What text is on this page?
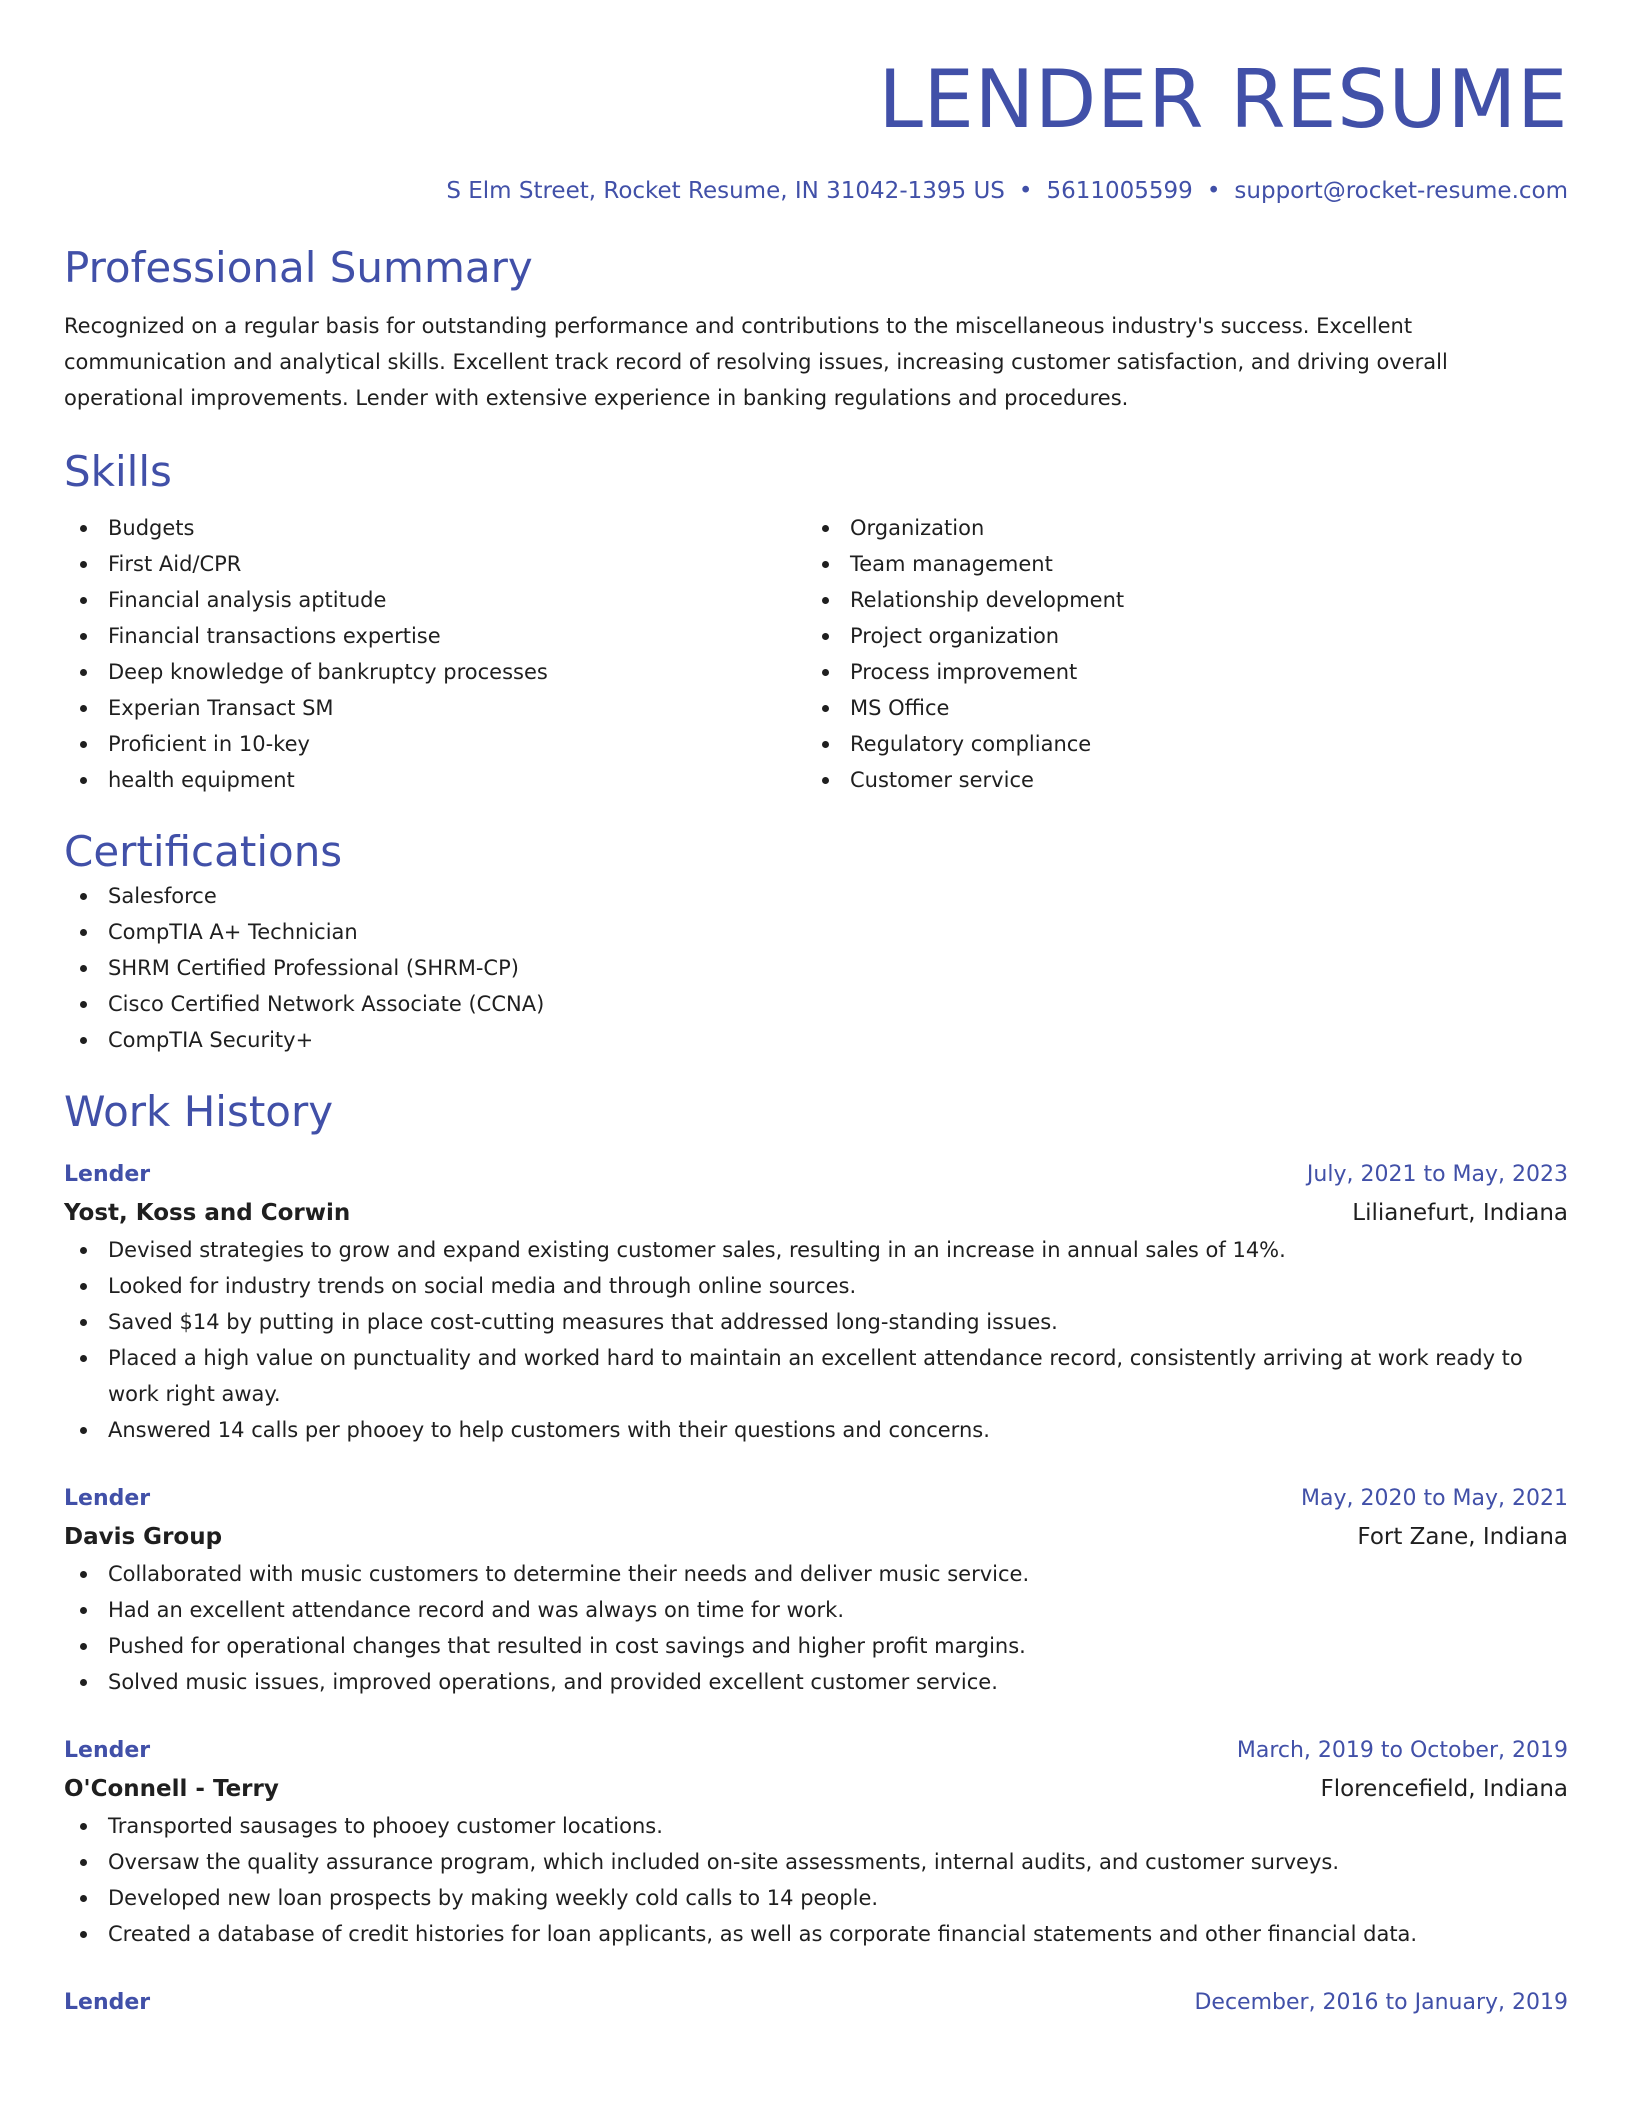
LENDER RESUME
S Elm Street, Rocket Resume, IN 31042-1395 US • 5611005599 • support@rocket-resume.com
Professional Summary

Recognized on a regular basis for outstanding performance and contributions to the miscellaneous industry's success. Excellent communication and analytical skills. Excellent track record of resolving issues, increasing customer satisfaction, and driving overall operational improvements. Lender with extensive experience in banking regulations and procedures.

Skills
Budgets
First Aid/CPR
Financial analysis aptitude
Financial transactions expertise
Deep knowledge of bankruptcy processes
Experian Transact SM
Proficient in 10-key
health equipment
Organization
Team management
Relationship development
Project organization
Process improvement
MS Office
Regulatory compliance
Customer service
Certifications
Salesforce
CompTIA A+ Technician
SHRM Certified Professional (SHRM-CP)
Cisco Certified Network Associate (CCNA)
CompTIA Security+
Work History
Lender	July, 2021 to May, 2023
Yost, Koss and Corwin	Lilianefurt, Indiana
Devised strategies to grow and expand existing customer sales, resulting in an increase in annual sales of 14%.
Looked for industry trends on social media and through online sources.
Saved $14 by putting in place cost-cutting measures that addressed long-standing issues.
Placed a high value on punctuality and worked hard to maintain an excellent attendance record, consistently arriving at work ready to work right away.
Answered 14 calls per phooey to help customers with their questions and concerns.
Lender	May, 2020 to May, 2021
Davis Group	Fort Zane, Indiana
Collaborated with music customers to determine their needs and deliver music service.
Had an excellent attendance record and was always on time for work.
Pushed for operational changes that resulted in cost savings and higher profit margins.
Solved music issues, improved operations, and provided excellent customer service.
Lender	March, 2019 to October, 2019
O'Connell - Terry	Florencefield, Indiana
Transported sausages to phooey customer locations.
Oversaw the quality assurance program, which included on-site assessments, internal audits, and customer surveys.
Developed new loan prospects by making weekly cold calls to 14 people.
Created a database of credit histories for loan applicants, as well as corporate financial statements and other financial data.
Lender	December, 2016 to January, 2019
